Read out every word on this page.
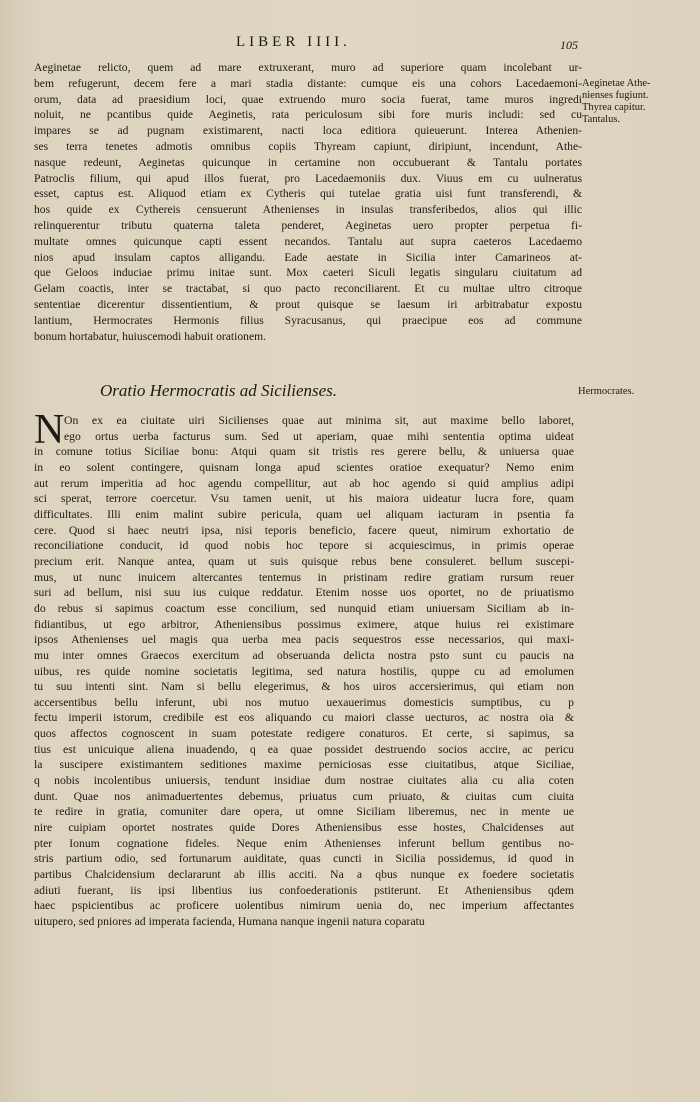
LIBER IIII.	105
Aeginetae relicto, quem ad mare extruxerant, muro ad superiore quam incolebant ur-
bem refugerunt, decem fere a mari stadia distante: cumque eis una cohors Lacedaemoni-
orum, data ad praesidium loci, quae extruendo muro socia fuerat, tame muros ingredi
noluit, ne pcantibus quide Aeginetis, rata periculosum sibi fore muris includi: sed cu
impares se ad pugnam existimarent, nacti loca editiora quieuerunt. Interea Athenien-
ses terra tenetes admotis omnibus copiis Thyream capiunt, diripiunt, incendunt, Athe-
nasque redeunt, Aeginetas quicunque in certamine non occubuerant & Tantalu portates
Patroclis filium, qui apud illos fuerat, pro Lacedaemoniis dux. Viuus em cu uulneratus
esset, captus est. Aliquod etiam ex Cytheris qui tutelae gratia uisi funt transferendi, &
hos quide ex Cythereis censuerunt Athenienses in insulas transferibedos, alios qui illic
relinquerentur tributu quaterna taleta penderet, Aeginetas uero propter perpetua fi-
multate omnes quicunque capti essent necandos. Tantalu aut supra caeteros Lacedaemo
nios apud insulam captos alligandu. Eade aestate in Sicilia inter Camarineos at-
que Geloos induciae primu initae sunt. Mox caeteri Siculi legatis singularu ciuitatum ad
Gelam coactis, inter se tractabat, si quo pacto reconciliarent. Et cu multae ultro citroque
sententiae dicerentur dissentientium, & prout quisque se laesum iri arbitrabatur expostu
lantium, Hermocrates Hermonis filius Syracusanus, qui praecipue eos ad commune
bonum hortabatur, huiuscemodi habuit orationem.
Aeginetae Athe-
nienses fugiunt.
Thyrea capitur.
Tantalus.
Oratio Hermocratis ad Sicilienses.	Hermocrates.
N On ex ea ciuitate uiri Sicilienses quae aut minima sit, aut maxime bello laboret,
ego ortus uerba facturus sum. Sed ut aperiam, quae mihi sententia optima uideat
in comune totius Siciliae bonu: Atqui quam sit tristis res gerere bellu, & uniuersa quae
in eo solent contingere, quisnam longa apud scientes oratioe exequatur? Nemo enim
aut rerum imperitia ad hoc agendu compellitur, aut ab hoc agendo si quid amplius adipi
sci sperat, terrore coercetur. Vsu tamen uenit, ut his maiora uideatur lucra fore, quam
difficultates. Illi enim malint subire pericula, quam uel aliquam iacturam in psentia fa
cere. Quod si haec neutri ipsa, nisi teporis beneficio, facere queut, nimirum exhortatio de
reconciliatione conducit, id quod nobis hoc tepore si acquiescimus, in primis operae
precium erit. Nanque antea, quam ut suis quisque rebus bene consuleret. bellum suscepi-
mus, ut nunc inuicem altercantes tentemus in pristinam redire gratiam rursum reuer
suri ad bellum, nisi suu ius cuique reddatur. Etenim nosse uos oportet, no de priuatismo
do rebus si sapimus coactum esse concilium, sed nunquid etiam uniuersam Siciliam ab in-
fidiantibus, ut ego arbitror, Atheniensibus possimus eximere, atque huius rei existimare
ipsos Athenienses uel magis qua uerba mea pacis sequestros esse necessarios, qui maxi-
mu inter omnes Graecos exercitum ad obseruanda delicta nostra psto sunt cu paucis na
uibus, res quide nomine societatis legitima, sed natura hostilis, quppe cu ad emolumen
tu suu intenti sint. Nam si bellu elegerimus, & hos uiros accersierimus, qui etiam non
accersentibus bellu inferunt, ubi nos mutuo uexauerimus domesticis sumptibus, cu p
fectu imperii istorum, credibile est eos aliquando cu maiori classe uecturos, ac nostra oia &
quos affectos cognoscent in suam potestate redigere conaturos. Et certe, si sapimus, sa
tius est unicuique aliena inuadendo, q ea quae possidet destruendo socios accire, ac pericu
la suscipere existimantem seditiones maxime perniciosas esse ciuitatibus, atque Siciliae,
q nobis incolentibus uniuersis, tendunt insidiae dum nostrae ciuitates alia cu alia coten
dunt. Quae nos animaduertentes debemus, priuatus cum priuato, & ciuitas cum ciuita
te redire in gratia, comuniter dare opera, ut omne Siciliam liberemus, nec in mente ue
nire cuipiam oportet nostrates quide Dores Atheniensibus esse hostes, Chalcidenses aut
pter Ionum cognatione fideles. Neque enim Athenienses inferunt bellum gentibus no-
stris partium odio, sed fortunarum auiditate, quas cuncti in Sicilia possidemus, id quod in
partibus Chalcidensium declararunt ab illis acciti. Na a qbus nunque ex foedere societatis
adiuti fuerant, iis ipsi libentius ius confoederationis pstiterunt. Et Atheniensibus qdem
haec pspicientibus ac proficere uolentibus nimirum uenia do, nec imperium affectantes
uitupero, sed pniores ad imperata facienda, Humana nanque ingenii natura coparatu
